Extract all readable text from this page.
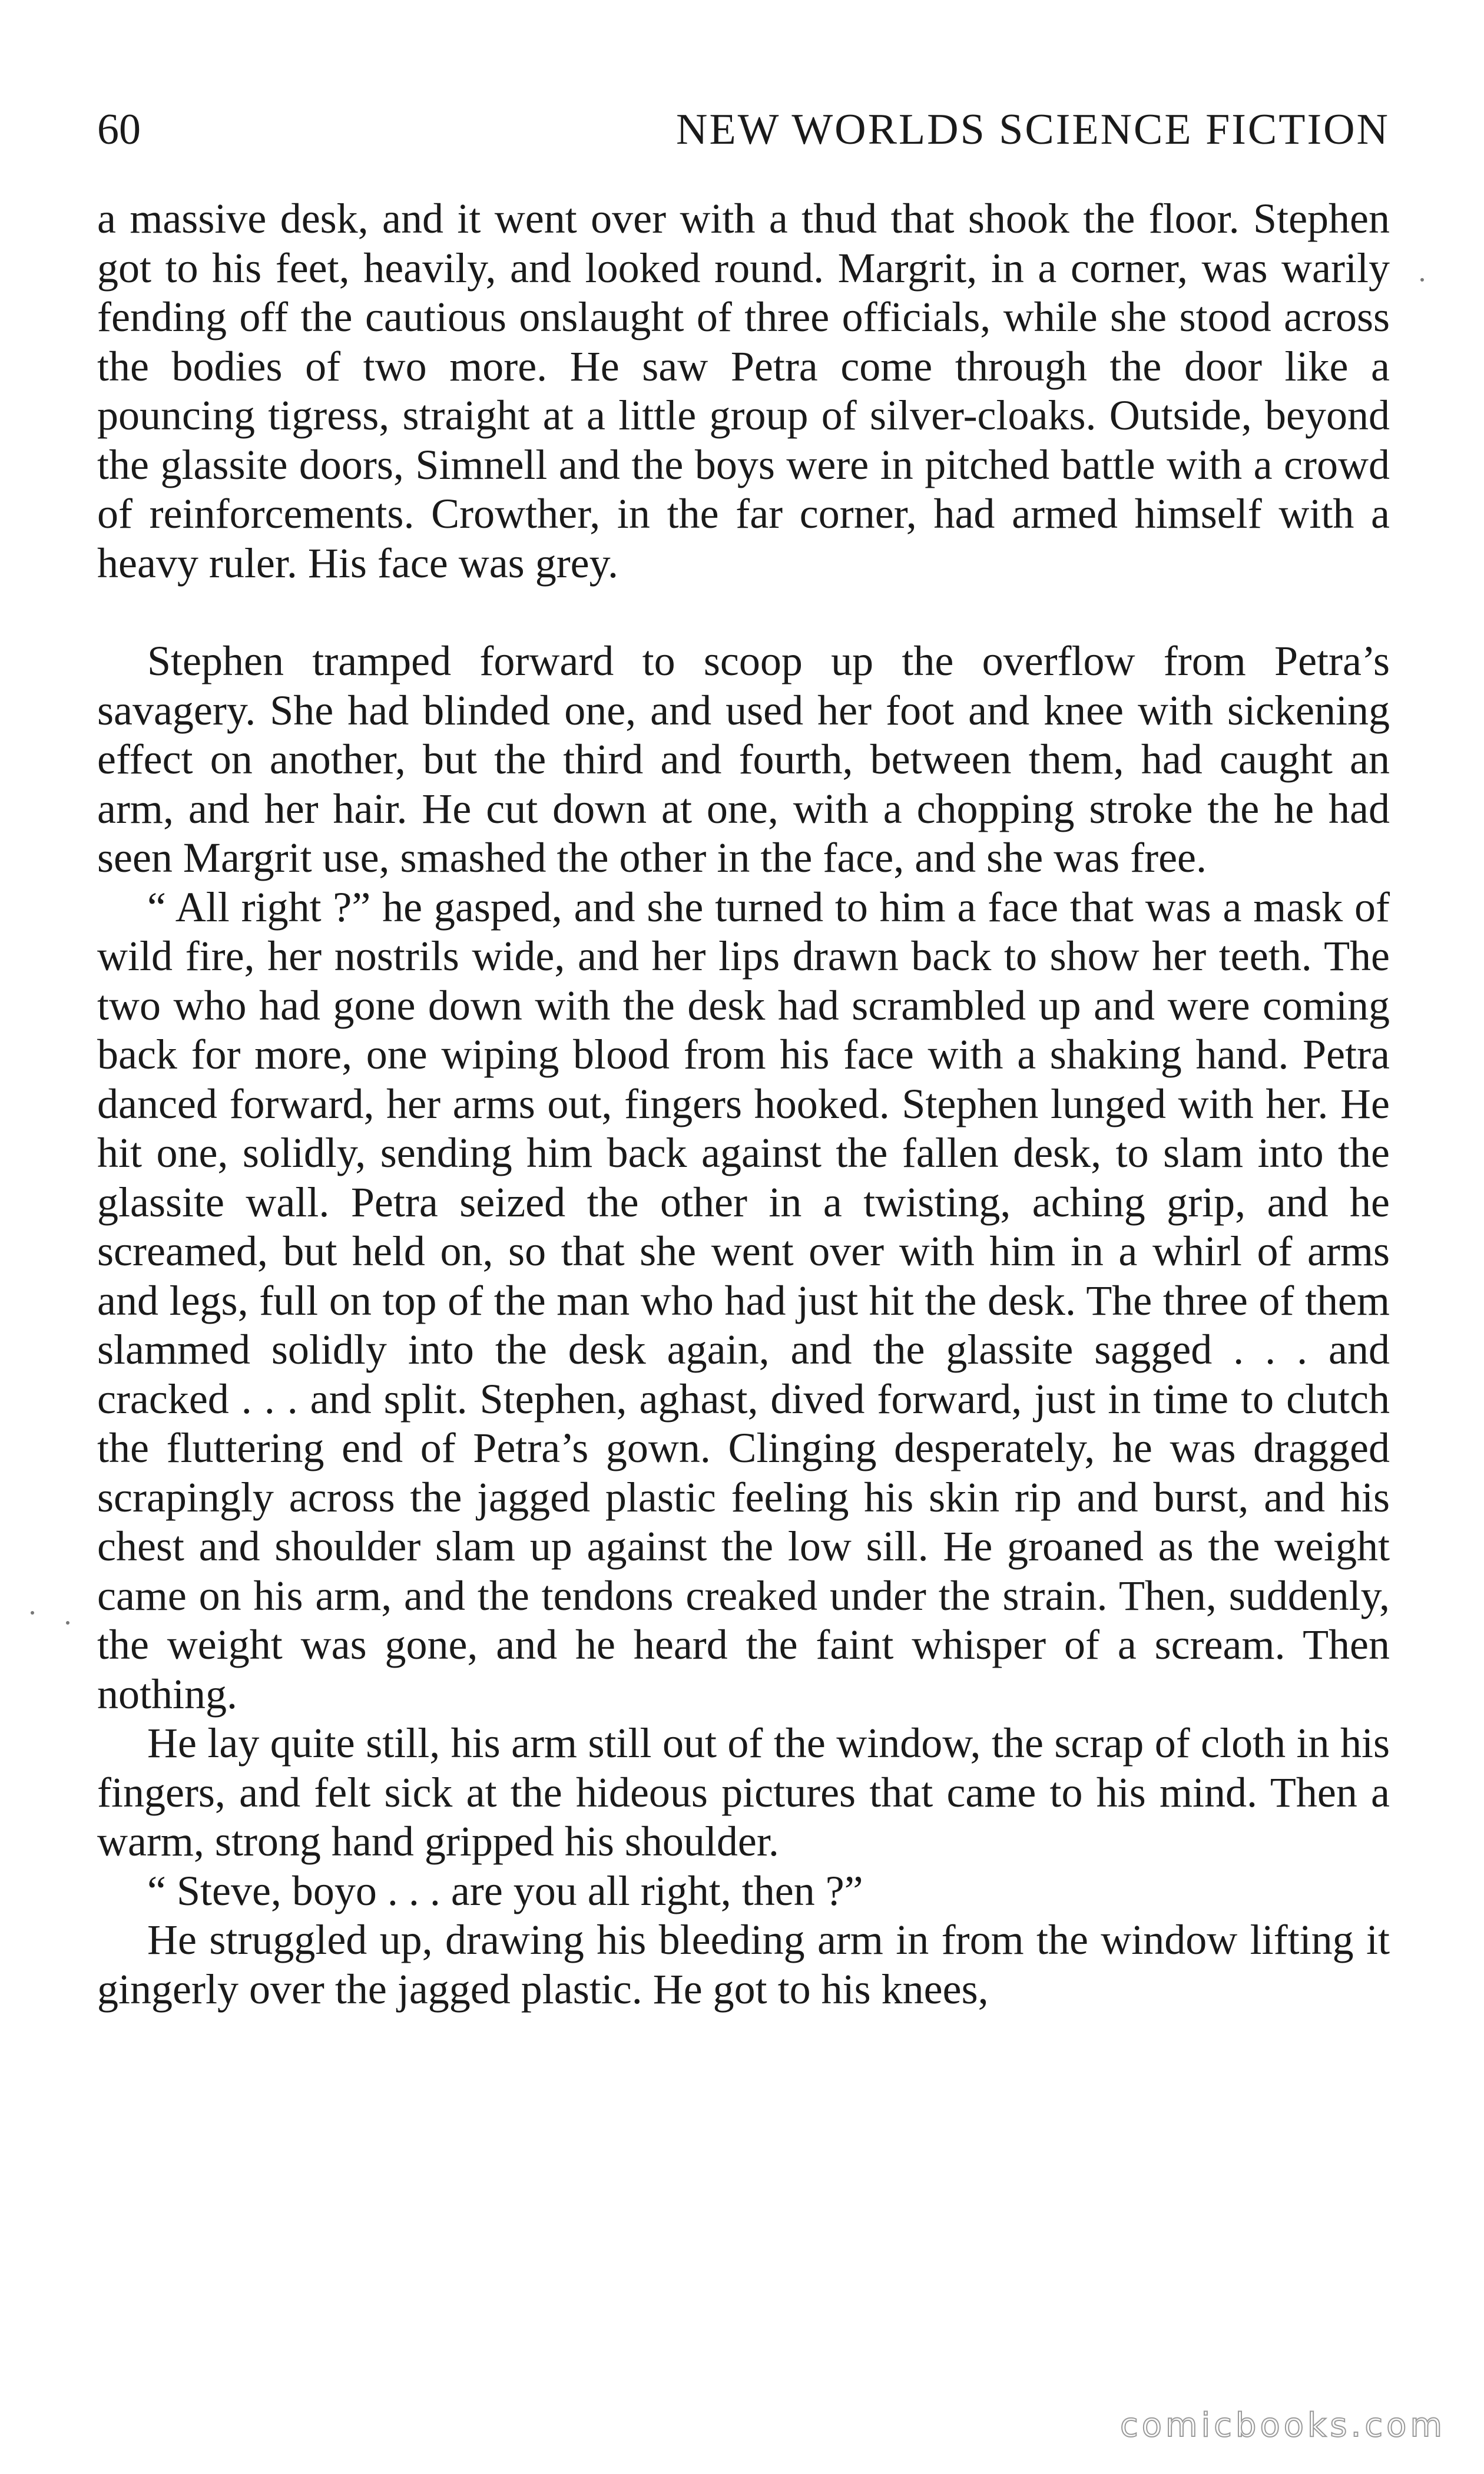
60	NEW WORLDS SCIENCE FICTION

a massive desk, and it went over with a thud that shook the floor. Stephen got to his feet, heavily, and looked round. Margrit, in a corner, was warily fending off the cautious onslaught of three officials, while she stood across the bodies of two more. He saw Petra come through the door like a pouncing tigress, straight at a little group of silver-cloaks. Outside, beyond the glassite doors, Simnell and the boys were in pitched battle with a crowd of reinforcements. Crowther, in the far corner, had armed himself with a heavy ruler. His face was grey.

Stephen tramped forward to scoop up the overflow from Petra’s savagery. She had blinded one, and used her foot and knee with sickening effect on another, but the third and fourth, between them, had caught an arm, and her hair. He cut down at one, with a chopping stroke the he had seen Margrit use, smashed the other in the face, and she was free.

“ All right ?” he gasped, and she turned to him a face that was a mask of wild fire, her nostrils wide, and her lips drawn back to show her teeth. The two who had gone down with the desk had scrambled up and were coming back for more, one wiping blood from his face with a shaking hand. Petra danced forward, her arms out, fingers hooked. Stephen lunged with her. He hit one, solidly, sending him back against the fallen desk, to slam into the glassite wall. Petra seized the other in a twisting, aching grip, and he screamed, but held on, so that she went over with him in a whirl of arms and legs, full on top of the man who had just hit the desk. The three of them slammed solidly into the desk again, and the glassite sagged . . . and cracked . . . and split. Stephen, aghast, dived forward, just in time to clutch the fluttering end of Petra’s gown. Clinging desperately, he was dragged scrapingly across the jagged plastic feeling his skin rip and burst, and his chest and shoulder slam up against the low sill. He groaned as the weight came on his arm, and the tendons creaked under the strain. Then, suddenly, the weight was gone, and he heard the faint whisper of a scream. Then nothing.

He lay quite still, his arm still out of the window, the scrap of cloth in his fingers, and felt sick at the hideous pictures that came to his mind. Then a warm, strong hand gripped his shoulder.

“ Steve, boyo . . . are you all right, then ?”

He struggled up, drawing his bleeding arm in from the window lifting it gingerly over the jagged plastic. He got to his knees,

comicbooks.com
